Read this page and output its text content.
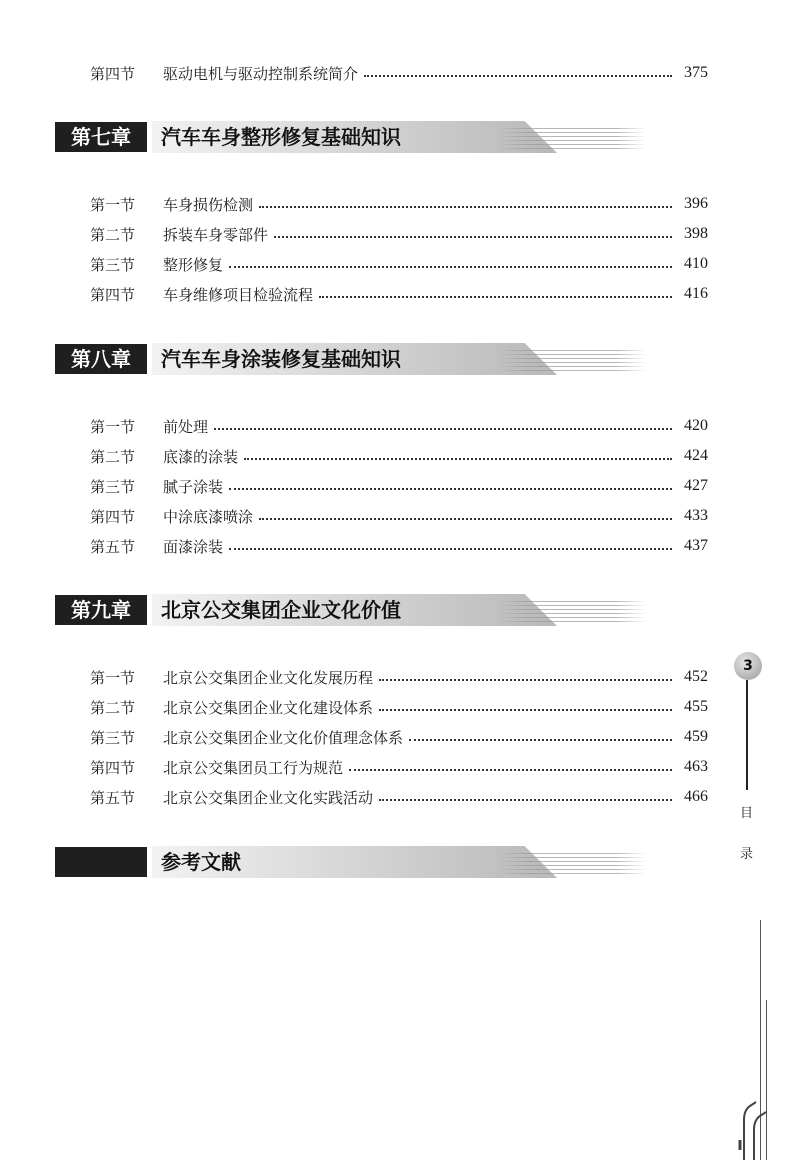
第四节	驱动电机与驱动控制系统简介	375
第七章	汽车车身整形修复基础知识
第一节	车身损伤检测	396
第二节	拆装车身零部件	398
第三节	整形修复	410
第四节	车身维修项目检验流程	416
第八章	汽车车身涂装修复基础知识
第一节	前处理	420
第二节	底漆的涂装	424
第三节	腻子涂装	427
第四节	中涂底漆喷涂	433
第五节	面漆涂装	437
第九章	北京公交集团企业文化价值
第一节	北京公交集团企业文化发展历程	452
第二节	北京公交集团企业文化建设体系	455
第三节	北京公交集团企业文化价值理念体系	459
第四节	北京公交集团员工行为规范	463
第五节	北京公交集团企业文化实践活动	466
参考文献
3
目
录
